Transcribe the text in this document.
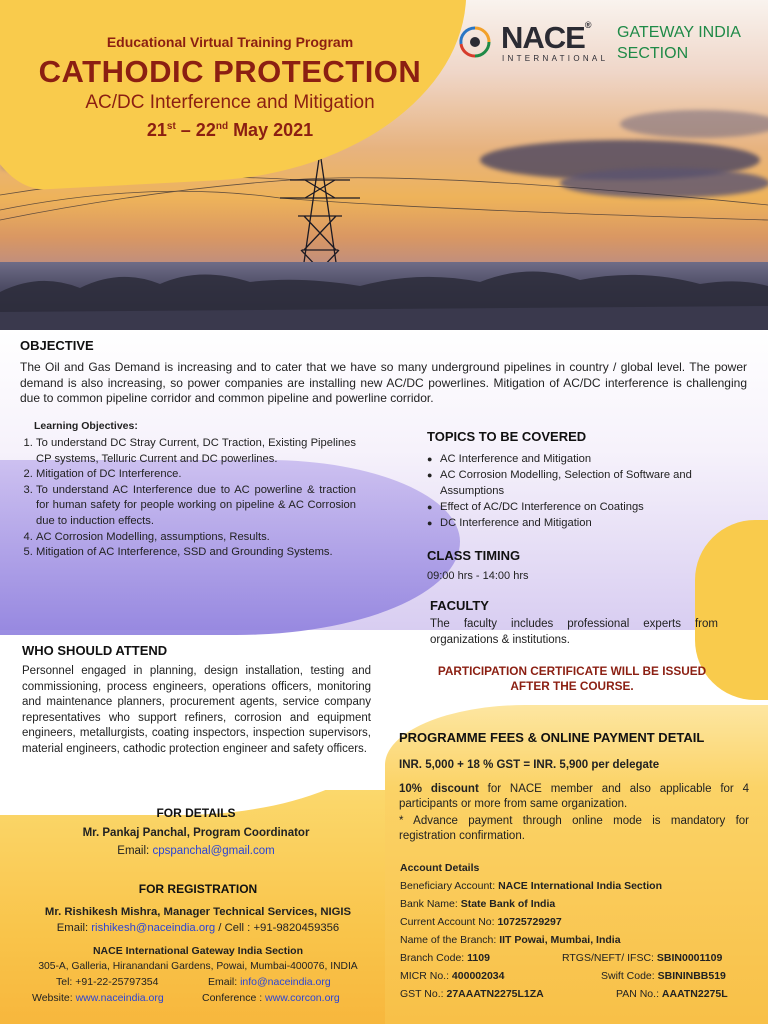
Educational Virtual Training Program
CATHODIC PROTECTION
AC/DC Interference and Mitigation
21st – 22nd May 2021
NACE®
INTERNATIONAL
GATEWAY INDIA
SECTION
OBJECTIVE
The Oil and Gas Demand is increasing and to cater that we have so many underground pipelines in country / global level. The power demand is also increasing, so power companies are installing new AC/DC powerlines. Mitigation of AC/DC interference is challenging due to common pipeline corridor and common pipeline and powerline corridor.
Learning Objectives:
1. To understand DC Stray Current, DC Traction, Existing Pipelines CP systems, Telluric Current and DC powerlines.
2. Mitigation of DC Interference.
3. To understand AC Interference due to AC powerline & traction for human safety for people working on pipeline & AC Corrosion due to induction effects.
4. AC Corrosion Modelling, assumptions, Results.
5. Mitigation of AC Interference, SSD and Grounding Systems.
TOPICS TO BE COVERED
● AC Interference and Mitigation
● AC Corrosion Modelling, Selection of Software and Assumptions
● Effect of AC/DC Interference on Coatings
● DC Interference and Mitigation
CLASS TIMING
09:00 hrs - 14:00 hrs
FACULTY
The faculty includes professional experts from organizations & institutions.
PARTICIPATION CERTIFICATE WILL BE ISSUED
AFTER THE COURSE.
WHO SHOULD ATTEND
Personnel engaged in planning, design installation, testing and commissioning, process engineers, operations officers, monitoring and maintenance planners, procurement agents, service company representatives who support refiners, corrosion and equipment engineers, metallurgists, coating inspectors, inspection supervisors, material engineers, cathodic protection engineer and safety officers.
PROGRAMME FEES & ONLINE PAYMENT DETAIL
INR. 5,000 + 18 % GST = INR. 5,900 per delegate
10% discount for NACE member and also applicable for 4 participants or more from same organization.
* Advance payment through online mode is mandatory for registration confirmation.
Account Details
Beneficiary Account: NACE International India Section
Bank Name: State Bank of India
Current Account No: 10725729297
Name of the Branch: IIT Powai, Mumbai, India
Branch Code: 1109	RTGS/NEFT/ IFSC: SBIN0001109
MICR No.: 400002034	Swift Code: SBININBB519
GST No.: 27AAATN2275L1ZA	PAN No.: AAATN2275L
FOR DETAILS
Mr. Pankaj Panchal, Program Coordinator
Email: cpspanchal@gmail.com
FOR REGISTRATION
Mr. Rishikesh Mishra, Manager Technical Services, NIGIS
Email: rishikesh@naceindia.org / Cell : +91-9820459356
NACE International Gateway India Section
305-A, Galleria, Hiranandani Gardens, Powai, Mumbai-400076, INDIA
Tel: +91-22-25797354	Email: info@naceindia.org
Website: www.naceindia.org	Conference : www.corcon.org
